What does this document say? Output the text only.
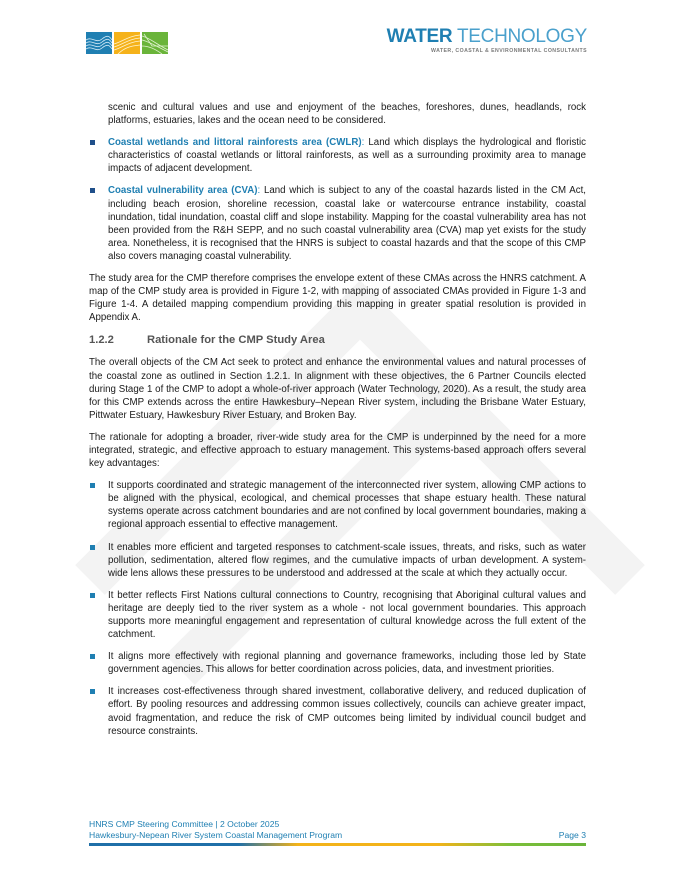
WATER TECHNOLOGY
WATER, COASTAL & ENVIRONMENTAL CONSULTANTS

scenic and cultural values and use and enjoyment of the beaches, foreshores, dunes, headlands, rock platforms, estuaries, lakes and the ocean need to be considered.

Coastal wetlands and littoral rainforests area (CWLR): Land which displays the hydrological and floristic characteristics of coastal wetlands or littoral rainforests, as well as a surrounding proximity area to manage impacts of adjacent development.
Coastal vulnerability area (CVA): Land which is subject to any of the coastal hazards listed in the CM Act, including beach erosion, shoreline recession, coastal lake or watercourse entrance instability, coastal inundation, tidal inundation, coastal cliff and slope instability. Mapping for the coastal vulnerability area has not been provided from the R&H SEPP, and no such coastal vulnerability area (CVA) map yet exists for the study area. Nonetheless, it is recognised that the HNRS is subject to coastal hazards and that the scope of this CMP also covers managing coastal vulnerability.

The study area for the CMP therefore comprises the envelope extent of these CMAs across the HNRS catchment. A map of the CMP study area is provided in Figure 1-2, with mapping of associated CMAs provided in Figure 1-3 and Figure 1-4. A detailed mapping compendium providing this mapping in greater spatial resolution is provided in Appendix A.

1.2.2	Rationale for the CMP Study Area

The overall objects of the CM Act seek to protect and enhance the environmental values and natural processes of the coastal zone as outlined in Section 1.2.1. In alignment with these objectives, the 6 Partner Councils elected during Stage 1 of the CMP to adopt a whole-of-river approach (Water Technology, 2020). As a result, the study area for this CMP extends across the entire Hawkesbury–Nepean River system, including the Brisbane Water Estuary, Pittwater Estuary, Hawkesbury River Estuary, and Broken Bay.

The rationale for adopting a broader, river-wide study area for the CMP is underpinned by the need for a more integrated, strategic, and effective approach to estuary management. This systems-based approach offers several key advantages:

It supports coordinated and strategic management of the interconnected river system, allowing CMP actions to be aligned with the physical, ecological, and chemical processes that shape estuary health. These natural systems operate across catchment boundaries and are not confined by local government boundaries, making a regional approach essential to effective management.
It enables more efficient and targeted responses to catchment-scale issues, threats, and risks, such as water pollution, sedimentation, altered flow regimes, and the cumulative impacts of urban development. A system-wide lens allows these pressures to be understood and addressed at the scale at which they actually occur.
It better reflects First Nations cultural connections to Country, recognising that Aboriginal cultural values and heritage are deeply tied to the river system as a whole - not local government boundaries. This approach supports more meaningful engagement and representation of cultural knowledge across the full extent of the catchment.
It aligns more effectively with regional planning and governance frameworks, including those led by State government agencies. This allows for better coordination across policies, data, and investment priorities.
It increases cost-effectiveness through shared investment, collaborative delivery, and reduced duplication of effort. By pooling resources and addressing common issues collectively, councils can achieve greater impact, avoid fragmentation, and reduce the risk of CMP outcomes being limited by individual council budget and resource constraints.
HNRS CMP Steering Committee | 2 October 2025
Hawkesbury-Nepean River System Coastal Management Program	Page 3
